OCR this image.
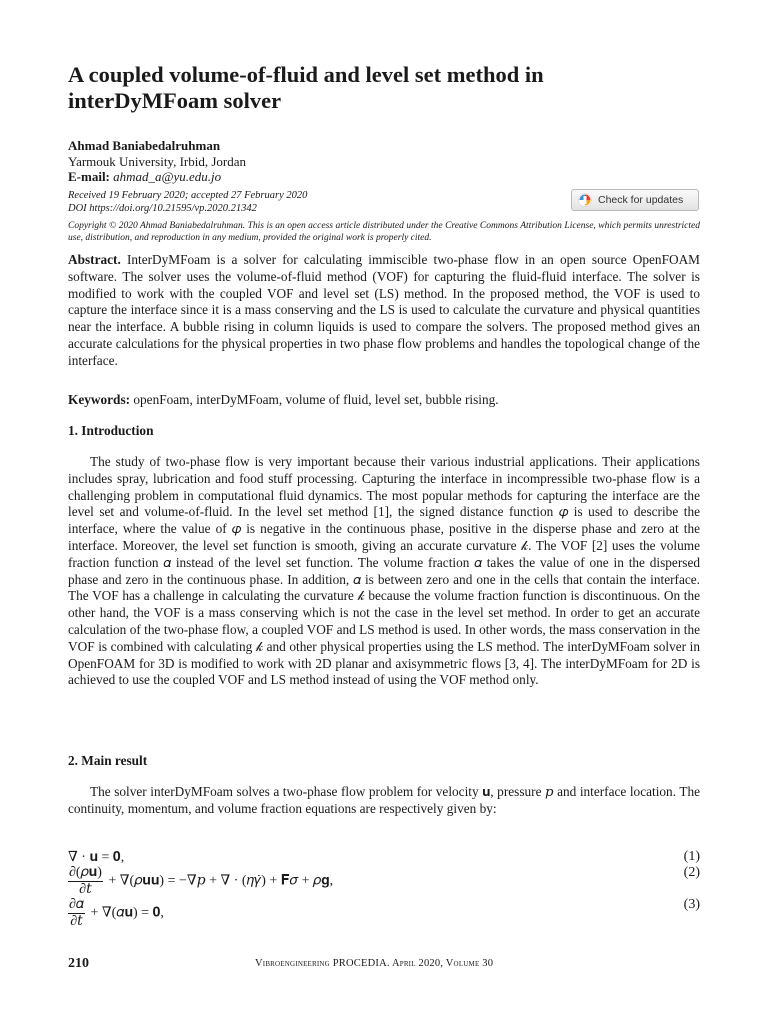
A coupled volume-of-fluid and level set method in interDyMFoam solver
Ahmad Baniabedalruhman
Yarmouk University, Irbid, Jordan
E-mail: ahmad_a@yu.edu.jo
Received 19 February 2020; accepted 27 February 2020
DOI https://doi.org/10.21595/vp.2020.21342
Check for updates
Copyright © 2020 Ahmad Baniabedalruhman. This is an open access article distributed under the Creative Commons Attribution License, which permits unrestricted use, distribution, and reproduction in any medium, provided the original work is properly cited.
Abstract. InterDyMFoam is a solver for calculating immiscible two-phase flow in an open source OpenFOAM software. The solver uses the volume-of-fluid method (VOF) for capturing the fluid-fluid interface. The solver is modified to work with the coupled VOF and level set (LS) method. In the proposed method, the VOF is used to capture the interface since it is a mass conserving and the LS is used to calculate the curvature and physical quantities near the interface. A bubble rising in column liquids is used to compare the solvers. The proposed method gives an accurate calculations for the physical properties in two phase flow problems and handles the topological change of the interface.
Keywords: openFoam, interDyMFoam, volume of fluid, level set, bubble rising.
1. Introduction
The study of two-phase flow is very important because their various industrial applications. Their applications includes spray, lubrication and food stuff processing. Capturing the interface in incompressible two-phase flow is a challenging problem in computational fluid dynamics. The most popular methods for capturing the interface are the level set and volume-of-fluid. In the level set method [1], the signed distance function 𝜑 is used to describe the interface, where the value of 𝜑 is negative in the continuous phase, positive in the disperse phase and zero at the interface. Moreover, the level set function is smooth, giving an accurate curvature 𝓀. The VOF [2] uses the volume fraction function 𝛼 instead of the level set function. The volume fraction 𝛼 takes the value of one in the dispersed phase and zero in the continuous phase. In addition, 𝛼 is between zero and one in the cells that contain the interface. The VOF has a challenge in calculating the curvature 𝓀 because the volume fraction function is discontinuous. On the other hand, the VOF is a mass conserving which is not the case in the level set method. In order to get an accurate calculation of the two-phase flow, a coupled VOF and LS method is used. In other words, the mass conservation in the VOF is combined with calculating 𝓀 and other physical properties using the LS method. The interDyMFoam solver in OpenFOAM for 3D is modified to work with 2D planar and axisymmetric flows [3, 4]. The interDyMFoam for 2D is achieved to use the coupled VOF and LS method instead of using the VOF method only.
2. Main result
The solver interDyMFoam solves a two-phase flow problem for velocity 𝐮, pressure 𝑝 and interface location. The continuity, momentum, and volume fraction equations are respectively given by:
∇ · 𝐮 = 𝟎,	(1)
$\frac{\text{∂(𝜌𝐮)}}{\text{∂𝑡}}$ + ∇(𝜌𝐮𝐮) = −∇𝑝 + ∇ · (𝜂𝛾̇) + 𝐅𝜎 + 𝜌𝐠,
(2)
$\frac{\text{∂𝛼}}{\text{∂𝑡}}$ + ∇(𝛼𝐮) = 𝟎,
(3)
210	Vibroengineering PROCEDIA. April 2020, Volume 30
